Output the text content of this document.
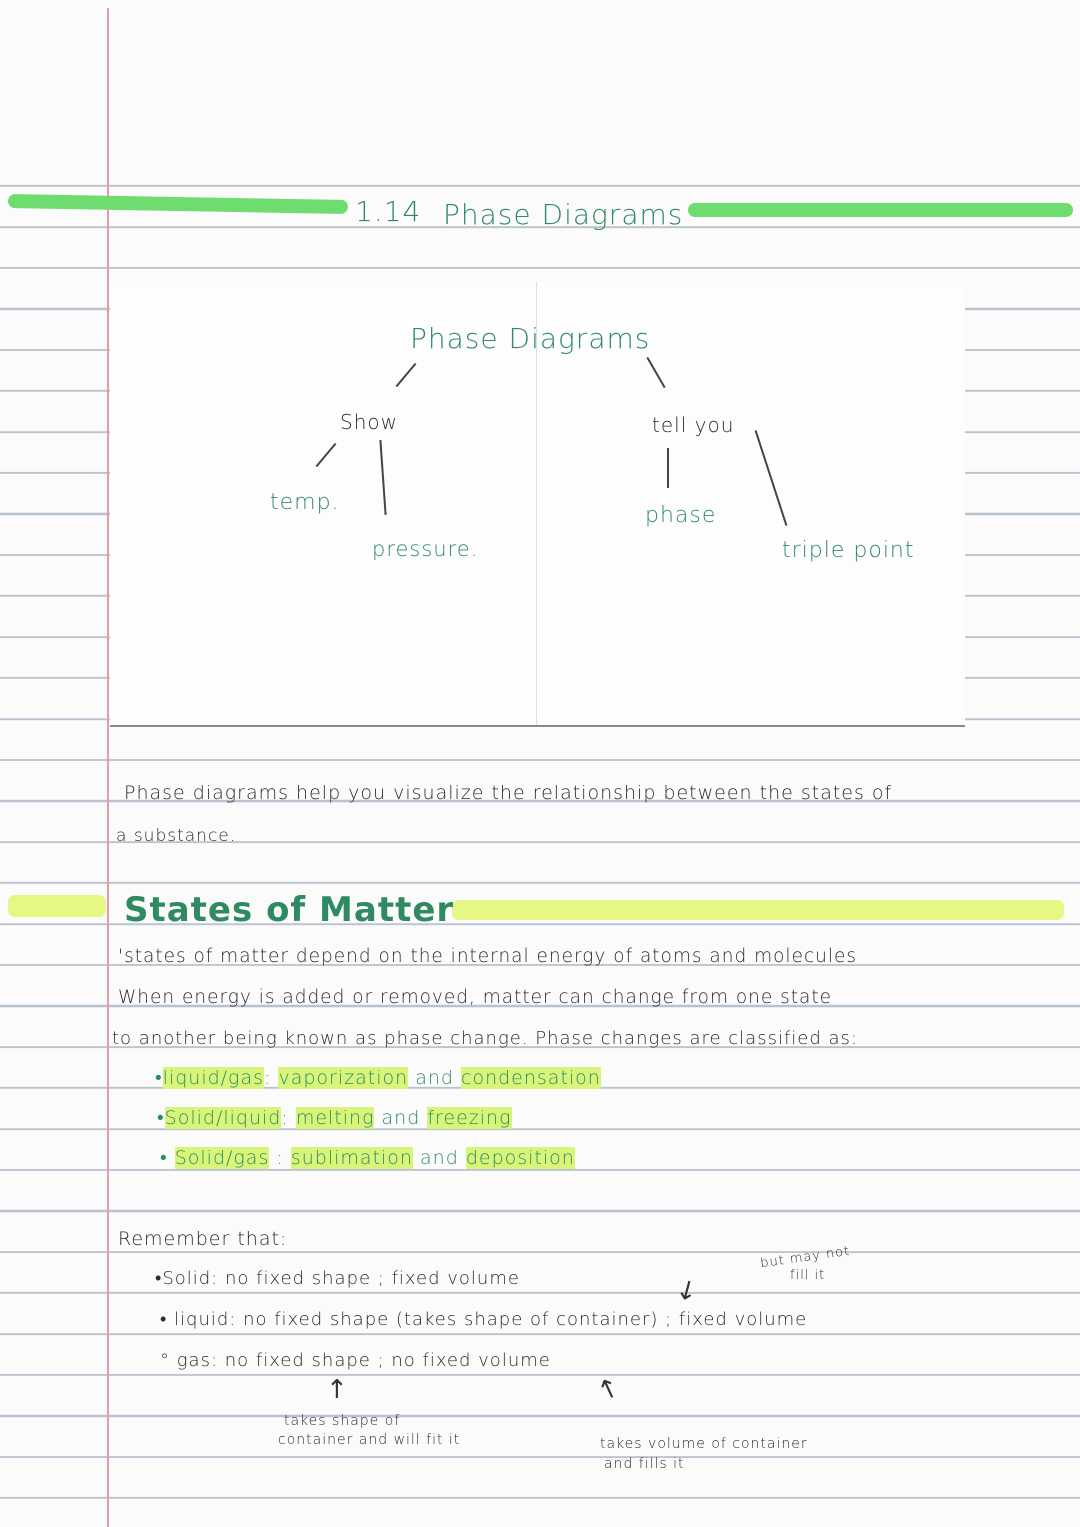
1.14 Phase Diagrams
Phase Diagrams
Show
temp.
pressure.
tell you
phase
triple point
Phase diagrams help you visualize the relationship between the states of
a substance.
States of Matter
'states of matter depend on the internal energy of atoms and molecules
When energy is added or removed, matter can change from one state
to another being known as phase change. Phase changes are classified as:
•liquid/gas: vaporization and condensation
•Solid/liquid: melting and freezing
• Solid/gas : sublimation and deposition
Remember that:
•Solid: no fixed shape ; fixed volume
• liquid: no fixed shape (takes shape of container) ; fixed volume
° gas: no fixed shape ; no fixed volume
but may not
fill it
↙
↑	↑
takes shape of
container and will fit it	takes volume of container
and fills it
